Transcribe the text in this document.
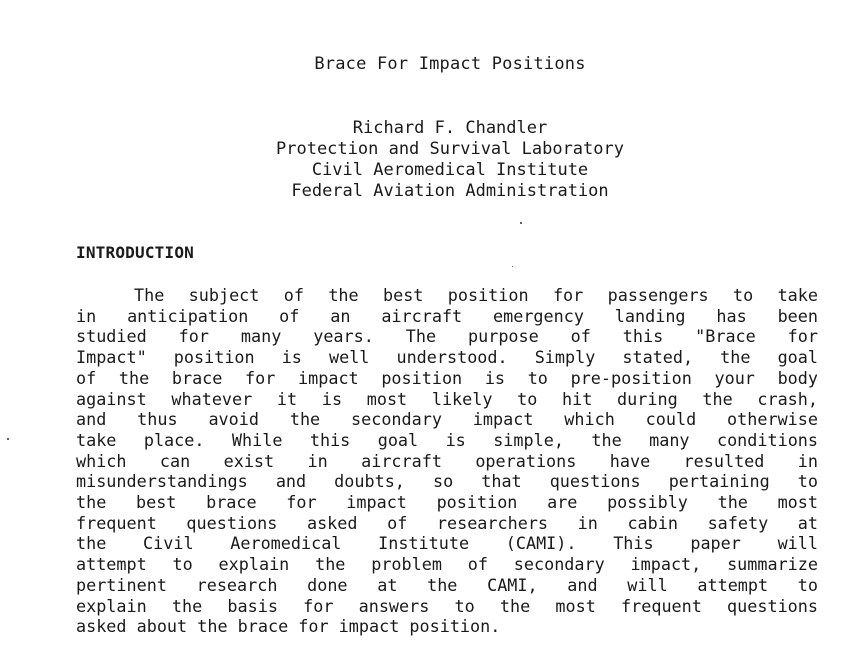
Brace For Impact Positions
Richard F. Chandler
Protection and Survival Laboratory
Civil Aeromedical Institute
Federal Aviation Administration
INTRODUCTION
The subject of the best position for passengers to take
in anticipation of an aircraft emergency landing has been
studied for many years. The purpose of this "Brace for
Impact" position is well understood. Simply stated, the goal
of the brace for impact position is to pre-position your body
against whatever it is most likely to hit during the crash,
and thus avoid the secondary impact which could otherwise
take place. While this goal is simple, the many conditions
which can exist in aircraft operations have resulted in
misunderstandings and doubts, so that questions pertaining to
the best brace for impact position are possibly the most
frequent questions asked of researchers in cabin safety at
the Civil Aeromedical Institute (CAMI). This paper will
attempt to explain the problem of secondary impact, summarize
pertinent research done at the CAMI, and will attempt to
explain the basis for answers to the most frequent questions
asked about the brace for impact position.
